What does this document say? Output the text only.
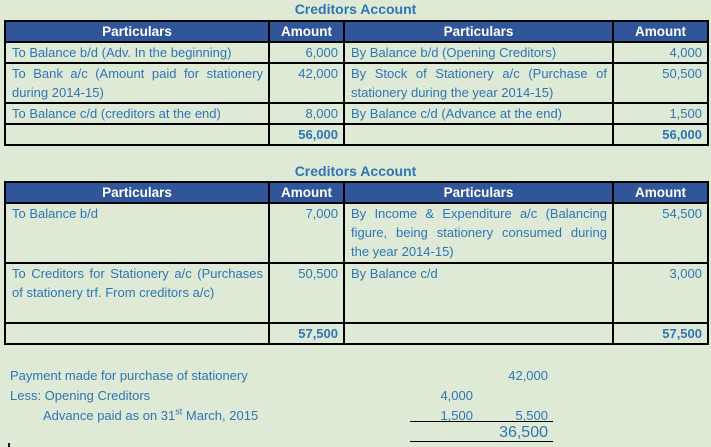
Creditors Account
Particulars	Amount	Particulars	Amount
To Balance b/d (Adv. In the beginning)	6,000	By Balance b/d (Opening Creditors)	4,000
To Bank a/c (Amount paid for stationery during 2014-15)	42,000	By Stock of Stationery a/c (Purchase of stationery during the year 2014-15)	50,500
To Balance c/d (creditors at the end)	8,000	By Balance c/d (Advance at the end)	1,500
	56,000		56,000
Creditors Account
Particulars	Amount	Particulars	Amount
To Balance b/d	7,000	By Income & Expenditure a/c (Balancing figure, being stationery consumed during the year 2014-15)	54,500
To Creditors for Stationery a/c (Purchases of stationery trf. From creditors a/c)	50,500	By Balance c/d	3,000
	57,500		57,500
Payment made for purchase of stationery	42,000
Less: Opening Creditors	4,000
Advance paid as on 31st March, 2015	1,500	5,500
36,500
